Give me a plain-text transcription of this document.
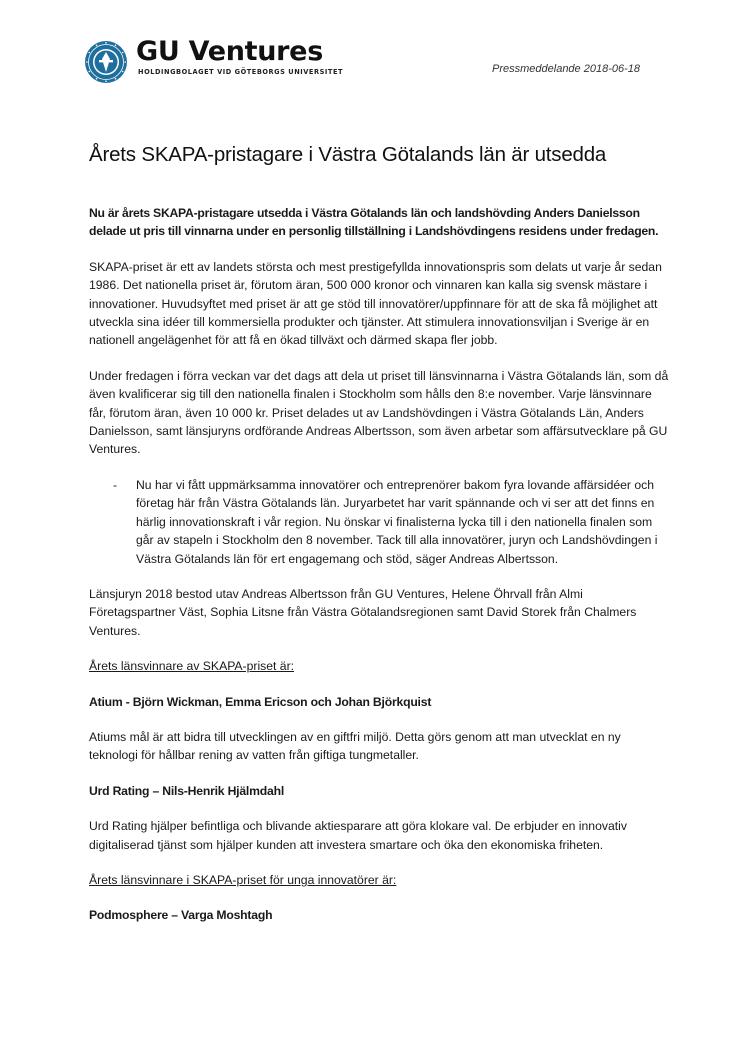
GU Ventures
HOLDINGBOLAGET VID GÖTEBORGS UNIVERSITET	Pressmeddelande 2018-06-18
Årets SKAPA-pristagare i Västra Götalands län är utsedda

Nu är årets SKAPA-pristagare utsedda i Västra Götalands län och landshövding Anders Danielsson delade ut pris till vinnarna under en personlig tillställning i Landshövdingens residens under fredagen.

SKAPA-priset är ett av landets största och mest prestigefyllda innovationspris som delats ut varje år sedan 1986. Det nationella priset är, förutom äran, 500 000 kronor och vinnaren kan kalla sig svensk mästare i innovationer. Huvudsyftet med priset är att ge stöd till innovatörer/uppfinnare för att de ska få möjlighet att utveckla sina idéer till kommersiella produkter och tjänster. Att stimulera innovationsviljan i Sverige är en nationell angelägenhet för att få en ökad tillväxt och därmed skapa fler jobb.

Under fredagen i förra veckan var det dags att dela ut priset till länsvinnarna i Västra Götalands län, som då även kvalificerar sig till den nationella finalen i Stockholm som hålls den 8:e november. Varje länsvinnare får, förutom äran, även 10 000 kr. Priset delades ut av Landshövdingen i Västra Götalands Län, Anders Danielsson, samt länsjuryns ordförande Andreas Albertsson, som även arbetar som affärsutvecklare på GU Ventures.

- Nu har vi fått uppmärksamma innovatörer och entreprenörer bakom fyra lovande affärsidéer och företag här från Västra Götalands län. Juryarbetet har varit spännande och vi ser att det finns en härlig innovationskraft i vår region. Nu önskar vi finalisterna lycka till i den nationella finalen som går av stapeln i Stockholm den 8 november. Tack till alla innovatörer, juryn och Landshövdingen i Västra Götalands län för ert engagemang och stöd, säger Andreas Albertsson.

Länsjuryn 2018 bestod utav Andreas Albertsson från GU Ventures, Helene Öhrvall från Almi Företagspartner Väst, Sophia Litsne från Västra Götalandsregionen samt David Storek från Chalmers Ventures.

Årets länsvinnare av SKAPA-priset är:

Atium - Björn Wickman, Emma Ericson och Johan Björkquist

Atiums mål är att bidra till utvecklingen av en giftfri miljö. Detta görs genom att man utvecklat en ny teknologi för hållbar rening av vatten från giftiga tungmetaller.

Urd Rating – Nils-Henrik Hjälmdahl

Urd Rating hjälper befintliga och blivande aktiesparare att göra klokare val. De erbjuder en innovativ digitaliserad tjänst som hjälper kunden att investera smartare och öka den ekonomiska friheten.

Årets länsvinnare i SKAPA-priset för unga innovatörer är:

Podmosphere – Varga Moshtagh
